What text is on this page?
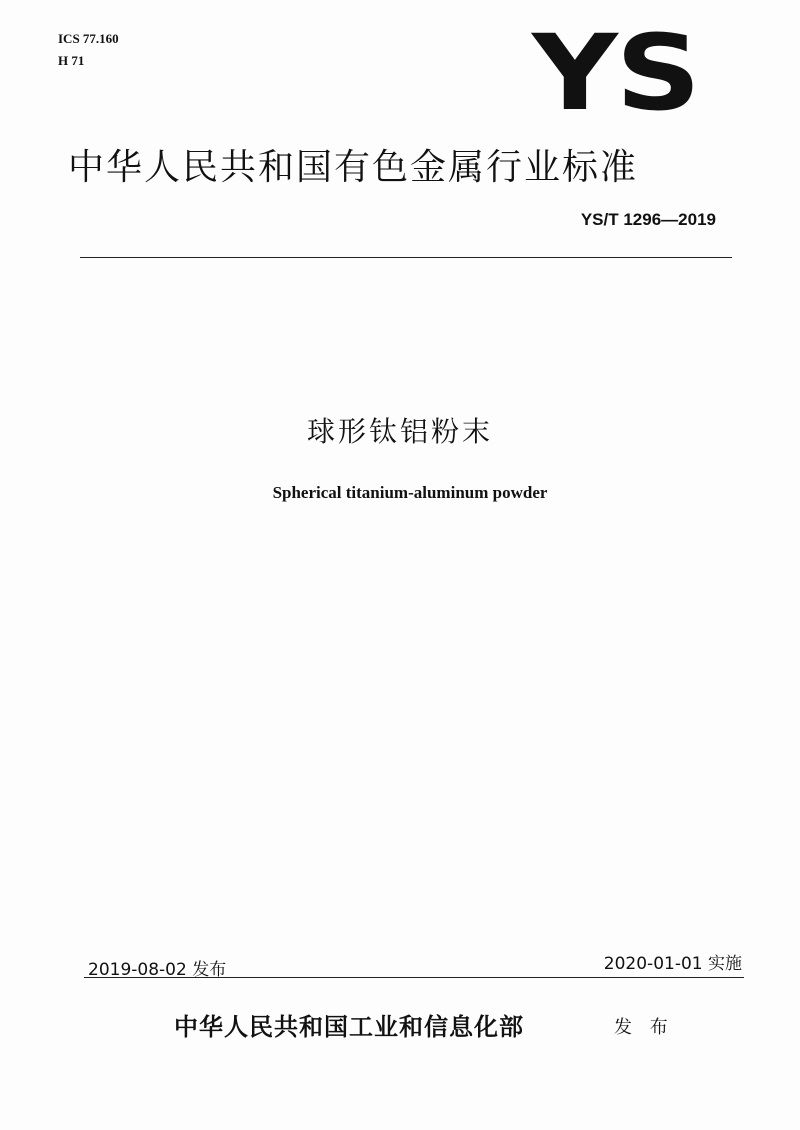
ICS 77.160
H 71	YS
中华人民共和国有色金属行业标准
YS/T 1296—2019
球形钛铝粉末
Spherical titanium-aluminum powder
2019-08-02 发布	2020-01-01 实施
中华人民共和国工业和信息化部	发 布
